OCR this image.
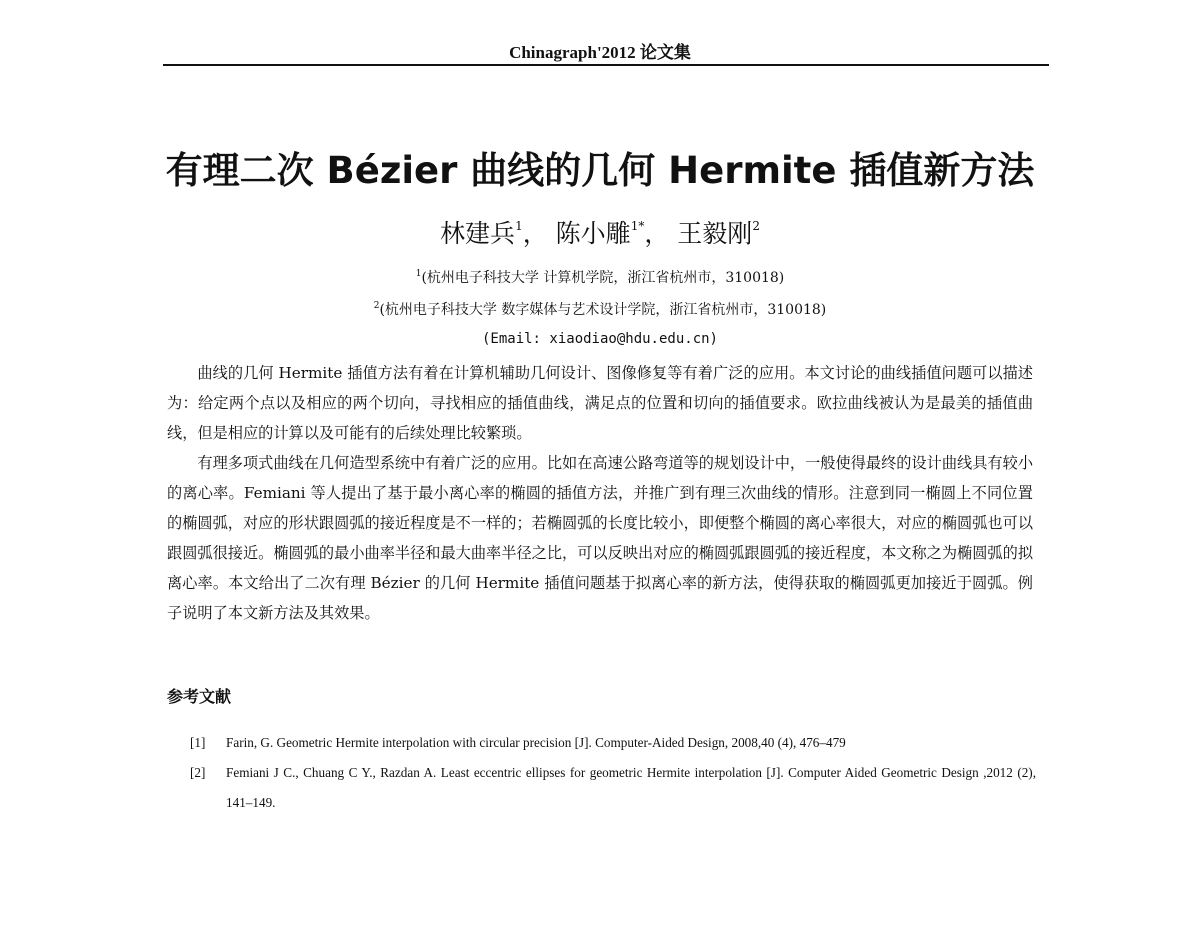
Chinagraph'2012 论文集
有理二次 Bézier 曲线的几何 Hermite 插值新方法
林建兵$^1$， 陈小雕$^{1*}$， 王毅刚$^2$
$^1$(杭州电子科技大学 计算机学院，浙江省杭州市，310018)
$^2$(杭州电子科技大学 数字媒体与艺术设计学院，浙江省杭州市，310018)
(Email: xiaodiao@hdu.edu.cn)

曲线的几何 Hermite 插值方法有着在计算机辅助几何设计、图像修复等有着广泛的应用。本文讨论的曲线插值问题可以描述为：给定两个点以及相应的两个切向，寻找相应的插值曲线，满足点的位置和切向的插值要求。欧拉曲线被认为是最美的插值曲线，但是相应的计算以及可能有的后续处理比较繁琐。

有理多项式曲线在几何造型系统中有着广泛的应用。比如在高速公路弯道等的规划设计中，一般使得最终的设计曲线具有较小的离心率。Femiani 等人提出了基于最小离心率的椭圆的插值方法，并推广到有理三次曲线的情形。注意到同一椭圆上不同位置的椭圆弧，对应的形状跟圆弧的接近程度是不一样的；若椭圆弧的长度比较小，即便整个椭圆的离心率很大，对应的椭圆弧也可以跟圆弧很接近。椭圆弧的最小曲率半径和最大曲率半径之比，可以反映出对应的椭圆弧跟圆弧的接近程度，本文称之为椭圆弧的拟离心率。本文给出了二次有理 Bézier 的几何 Hermite 插值问题基于拟离心率的新方法，使得获取的椭圆弧更加接近于圆弧。例子说明了本文新方法及其效果。

参考文献
[1]	Farin, G. Geometric Hermite interpolation with circular precision [J]. Computer-Aided Design, 2008,40 (4), 476–479
[2]	Femiani J C., Chuang C Y., Razdan A. Least eccentric ellipses for geometric Hermite interpolation [J]. Computer Aided Geometric Design ,2012 (2), 141–149.
